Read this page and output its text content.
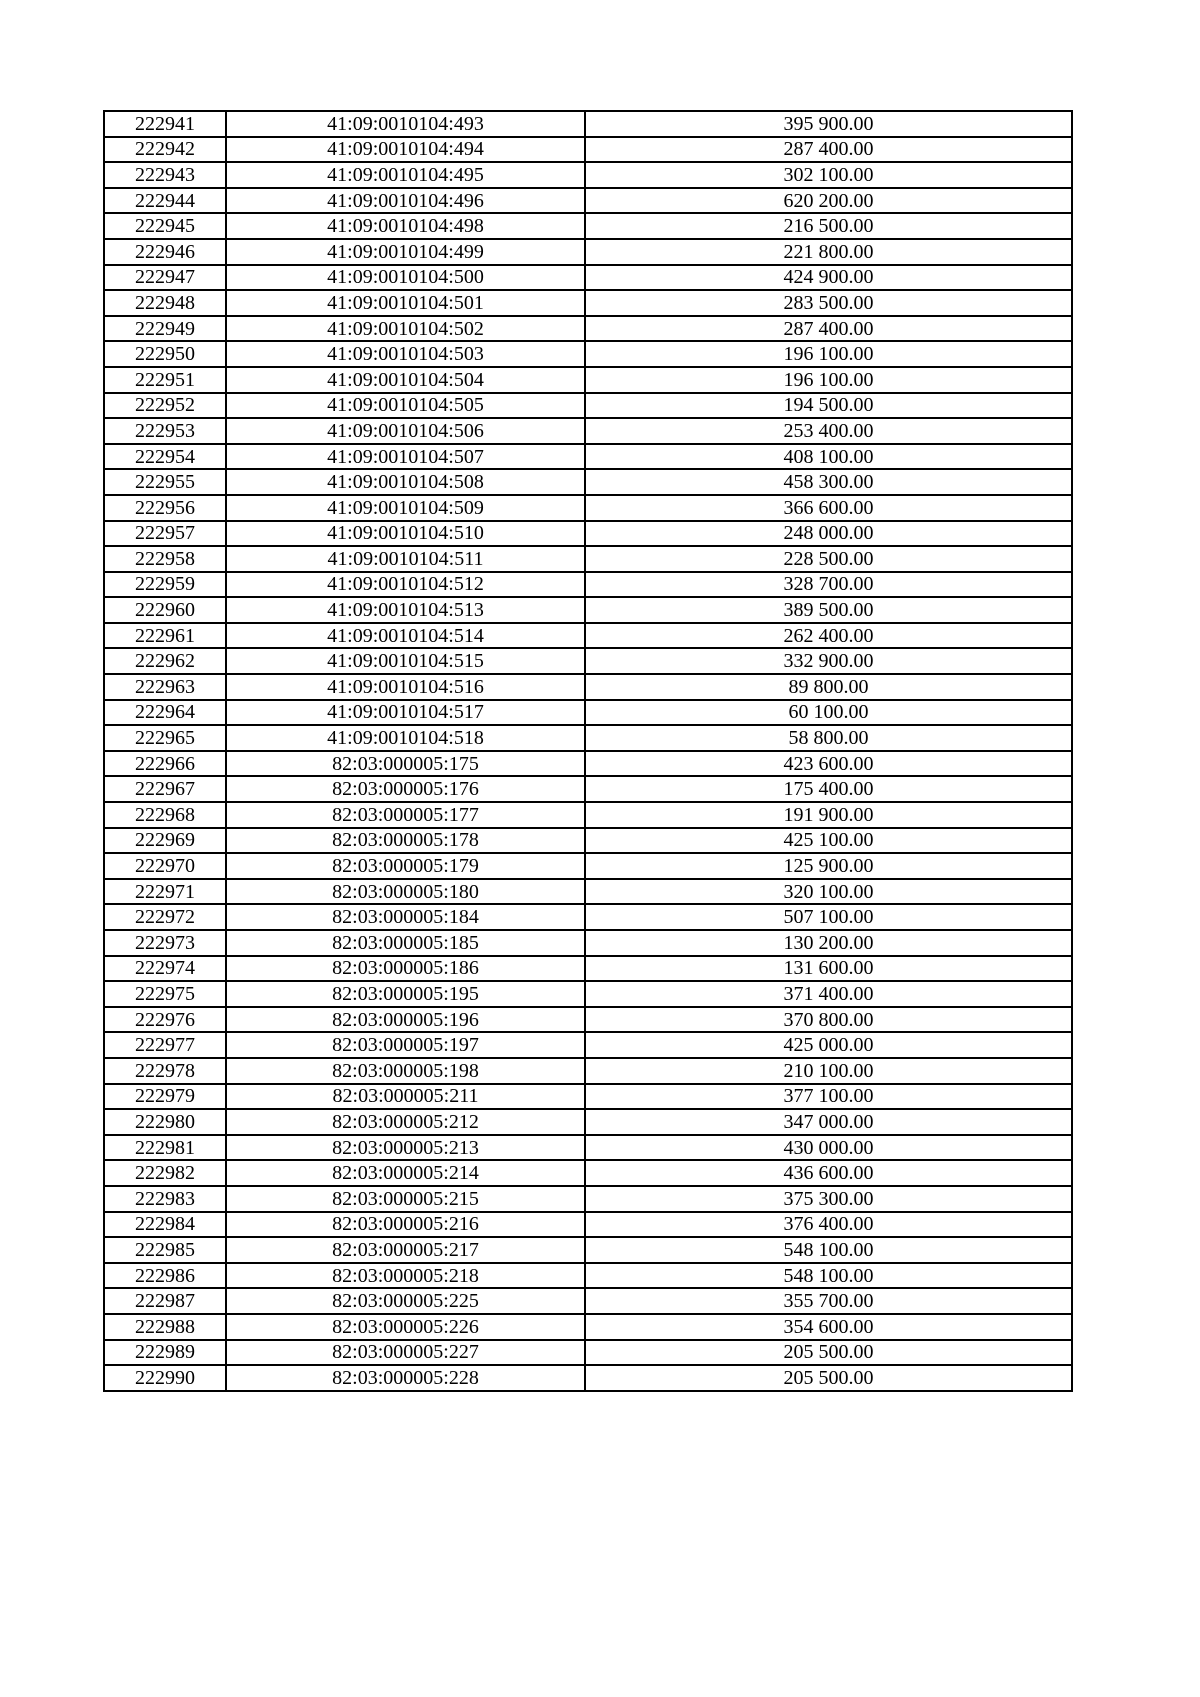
222941	41:09:0010104:493	395 900.00
222942	41:09:0010104:494	287 400.00
222943	41:09:0010104:495	302 100.00
222944	41:09:0010104:496	620 200.00
222945	41:09:0010104:498	216 500.00
222946	41:09:0010104:499	221 800.00
222947	41:09:0010104:500	424 900.00
222948	41:09:0010104:501	283 500.00
222949	41:09:0010104:502	287 400.00
222950	41:09:0010104:503	196 100.00
222951	41:09:0010104:504	196 100.00
222952	41:09:0010104:505	194 500.00
222953	41:09:0010104:506	253 400.00
222954	41:09:0010104:507	408 100.00
222955	41:09:0010104:508	458 300.00
222956	41:09:0010104:509	366 600.00
222957	41:09:0010104:510	248 000.00
222958	41:09:0010104:511	228 500.00
222959	41:09:0010104:512	328 700.00
222960	41:09:0010104:513	389 500.00
222961	41:09:0010104:514	262 400.00
222962	41:09:0010104:515	332 900.00
222963	41:09:0010104:516	89 800.00
222964	41:09:0010104:517	60 100.00
222965	41:09:0010104:518	58 800.00
222966	82:03:000005:175	423 600.00
222967	82:03:000005:176	175 400.00
222968	82:03:000005:177	191 900.00
222969	82:03:000005:178	425 100.00
222970	82:03:000005:179	125 900.00
222971	82:03:000005:180	320 100.00
222972	82:03:000005:184	507 100.00
222973	82:03:000005:185	130 200.00
222974	82:03:000005:186	131 600.00
222975	82:03:000005:195	371 400.00
222976	82:03:000005:196	370 800.00
222977	82:03:000005:197	425 000.00
222978	82:03:000005:198	210 100.00
222979	82:03:000005:211	377 100.00
222980	82:03:000005:212	347 000.00
222981	82:03:000005:213	430 000.00
222982	82:03:000005:214	436 600.00
222983	82:03:000005:215	375 300.00
222984	82:03:000005:216	376 400.00
222985	82:03:000005:217	548 100.00
222986	82:03:000005:218	548 100.00
222987	82:03:000005:225	355 700.00
222988	82:03:000005:226	354 600.00
222989	82:03:000005:227	205 500.00
222990	82:03:000005:228	205 500.00
